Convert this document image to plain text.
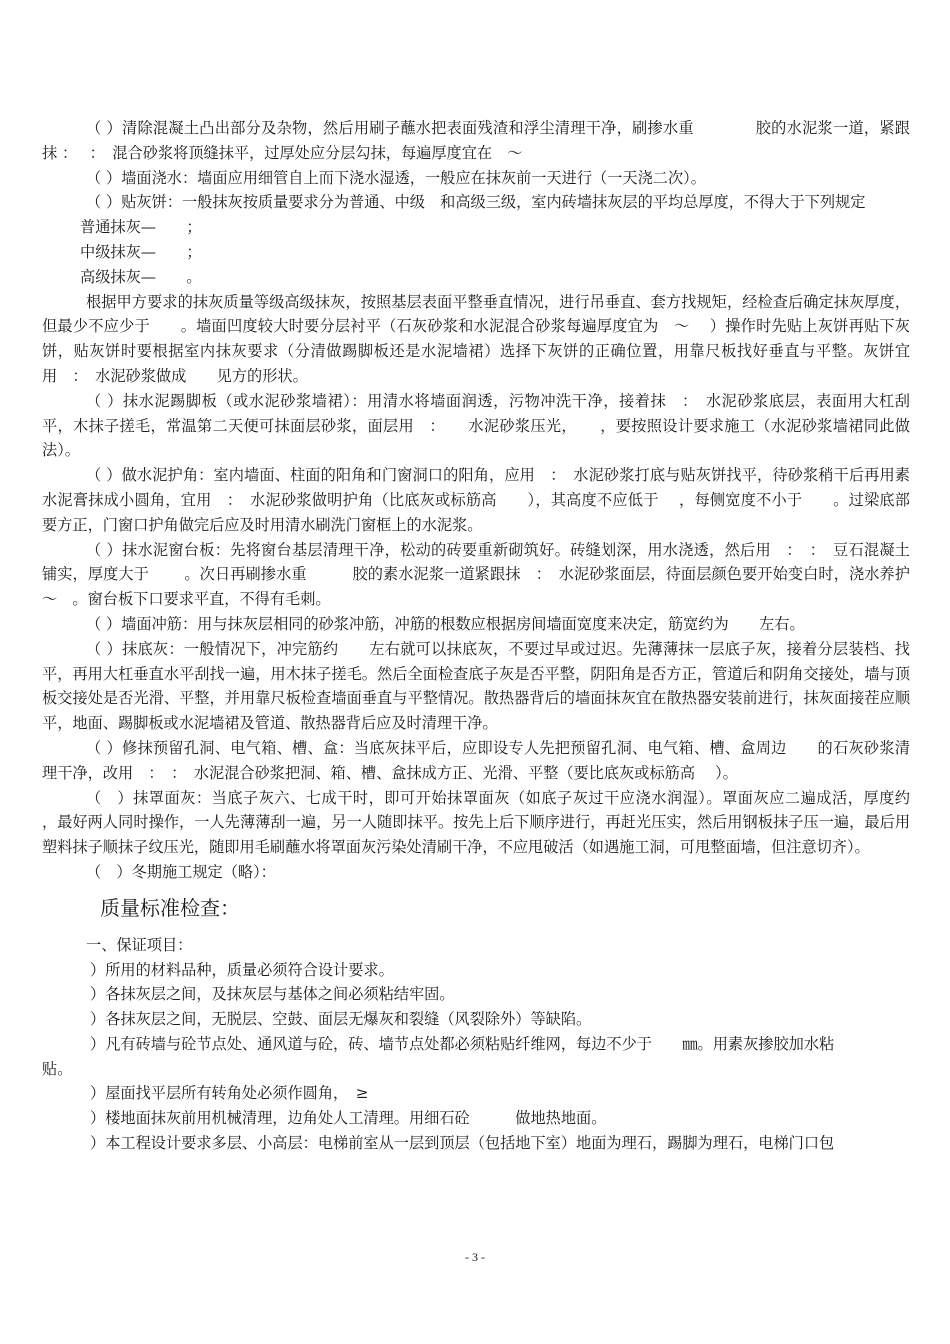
（ ）清除混凝土凸出部分及杂物，然后用刷子蘸水把表面残渣和浮尘清理干净，刷掺水重　　　　胶的水泥浆一道，紧跟抹 ：　 ：　混合砂浆将顶缝抹平，过厚处应分层勾抹，每遍厚度宜在　～

（ ）墙面浇水：墙面应用细管自上而下浇水湿透，一般应在抹灰前一天进行（一天浇二次）。

（ ）贴灰饼：一般抹灰按质量要求分为普通、中级　和高级三级，室内砖墙抹灰层的平均总厚度，不得大于下列规定

普通抹灰—　　；

中级抹灰—　　；

高级抹灰—　　。

根据甲方要求的抹灰质量等级高级抹灰，按照基层表面平整垂直情况，进行吊垂直、套方找规矩，经检查后确定抹灰厚度，但最少不应少于　　。墙面凹度较大时要分层衬平（石灰砂浆和水泥混合砂浆每遍厚度宜为　～　 ）操作时先贴上灰饼再贴下灰饼，贴灰饼时要根据室内抹灰要求（分清做踢脚板还是水泥墙裙）选择下灰饼的正确位置，用靠尺板找好垂直与平整。灰饼宜用　：　水泥砂浆做成　　见方的形状。

（ ）抹水泥踢脚板（或水泥砂浆墙裙）：用清水将墙面润透，污物冲洗干净，接着抹　：　水泥砂浆底层，表面用大杠刮平，木抹子搓毛，常温第二天便可抹面层砂浆，面层用　：　　水泥砂浆压光，　　，要按照设计要求施工（水泥砂浆墙裙同此做法）。

（ ）做水泥护角：室内墙面、柱面的阳角和门窗洞口的阳角，应用　：　水泥砂浆打底与贴灰饼找平，待砂浆稍干后再用素水泥膏抹成小圆角，宜用　：　水泥砂浆做明护角（比底灰或标筋高　　），其高度不应低于　 ，每侧宽度不小于　　。过梁底部要方正，门窗口护角做完后应及时用清水刷洗门窗框上的水泥浆。

（ ）抹水泥窗台板：先将窗台基层清理干净，松动的砖要重新砌筑好。砖缝划深，用水浇透，然后用　：　：　豆石混凝土铺实，厚度大于　　 。次日再刷掺水重　　　胶的素水泥浆一道紧跟抹　：　水泥砂浆面层，待面层颜色要开始变白时，浇水养护　～　。窗台板下口要求平直，不得有毛刺。

（ ）墙面冲筋：用与抹灰层相同的砂浆冲筋，冲筋的根数应根据房间墙面宽度来决定，筋宽约为　　左右。

（ ）抹底灰：一般情况下，冲完筋约　　左右就可以抹底灰，不要过早或过迟。先薄薄抹一层底子灰，接着分层装档、找平，再用大杠垂直水平刮找一遍，用木抹子搓毛。然后全面检查底子灰是否平整，阴阳角是否方正，管道后和阴角交接处，墙与顶板交接处是否光滑、平整，并用靠尺板检查墙面垂直与平整情况。散热器背后的墙面抹灰宜在散热器安装前进行，抹灰面接茬应顺平，地面、踢脚板或水泥墙裙及管道、散热器背后应及时清理干净。

（ ）修抹预留孔洞、电气箱、槽、盒：当底灰抹平后，应即设专人先把预留孔洞、电气箱、槽、盒周边　　的石灰砂浆清理干净，改用　：　：　水泥混合砂浆把洞、箱、槽、盒抹成方正、光滑、平整（要比底灰或标筋高　 ）。

（　）抹罩面灰：当底子灰六、七成干时，即可开始抹罩面灰（如底子灰过干应浇水润湿）。罩面灰应二遍成活，厚度约　 ，最好两人同时操作，一人先薄薄刮一遍，另一人随即抹平。按先上后下顺序进行，再赶光压实，然后用钢板抹子压一遍，最后用塑料抹子顺抹子纹压光，随即用毛刷蘸水将罩面灰污染处清刷干净，不应甩破活（如遇施工洞，可甩整面墙，但注意切齐）。

（　）冬期施工规定（略）：

质量标准检查：

一、保证项目：

）所用的材料品种，质量必须符合设计要求。

）各抹灰层之间，及抹灰层与基体之间必须粘结牢固。

）各抹灰层之间，无脱层、空鼓、面层无爆灰和裂缝（风裂除外）等缺陷。

）凡有砖墙与砼节点处、通风道与砼，砖、墙节点处都必须粘贴纤维网，每边不少于　　㎜。用素灰掺胶加水粘

贴。

）屋面找平层所有转角处必须作圆角，　≥

）楼地面抹灰前用机械清理，边角处人工清理。用细石砼　　　做地热地面。

）本工程设计要求多层、小高层：电梯前室从一层到顶层（包括地下室）地面为理石，踢脚为理石，电梯门口包

- 3 -
